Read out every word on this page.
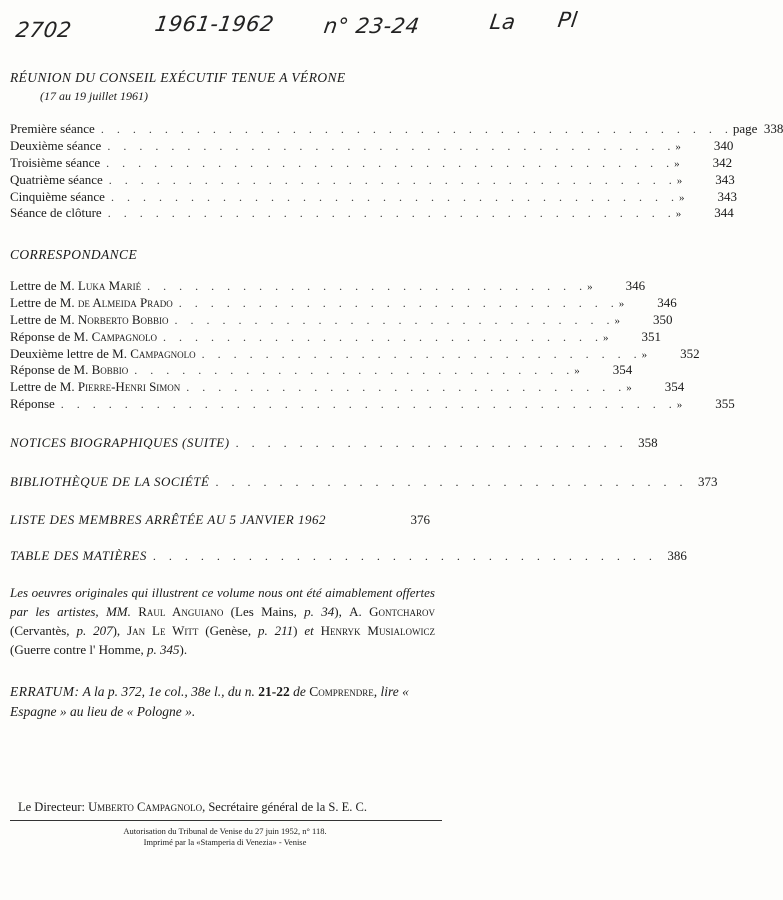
2702	1961-1962 n° 23-24	La Pl
RÉUNION DU CONSEIL EXÉCUTIF TENUE A VÉRONE
(17 au 19 juillet 1961)
Première séance . . . . . . . . . . . . . . . . . . . . . . . . . . . . . . . . . . . . . . . . page 338
Deuxième séance . . . . . . . . . . . . . . . . . . . . . . . . . . . . . . . . . . . . »	340
Troisième séance . . . . . . . . . . . . . . . . . . . . . . . . . . . . . . . . . . . . »	342
Quatrième séance . . . . . . . . . . . . . . . . . . . . . . . . . . . . . . . . . . . . »	343
Cinquième séance . . . . . . . . . . . . . . . . . . . . . . . . . . . . . . . . . . . . »	343
Séance de clôture . . . . . . . . . . . . . . . . . . . . . . . . . . . . . . . . . . . . »	344
CORRESPONDANCE
Lettre de M. Luka Marié . . . . . . . . . . . . . . . . . . . . . . . . . . . . »	346
Lettre de M. de Almeida Prado . . . . . . . . . . . . . . . . . . . . . . . . . . . . »	346
Lettre de M. Norberto Bobbio . . . . . . . . . . . . . . . . . . . . . . . . . . . . »	350
Réponse de M. Campagnolo . . . . . . . . . . . . . . . . . . . . . . . . . . . . »	351
Deuxième lettre de M. Campagnolo . . . . . . . . . . . . . . . . . . . . . . . . . . . . »	352
Réponse de M. Bobbio . . . . . . . . . . . . . . . . . . . . . . . . . . . . »	354
Lettre de M. Pierre-Henri Simon . . . . . . . . . . . . . . . . . . . . . . . . . . . . »	354
Réponse . . . . . . . . . . . . . . . . . . . . . . . . . . . . . . . . . . . . . . . »	355
NOTICES BIOGRAPHIQUES (SUITE) . . . . . . . . . . . . . . . . . . . . . . . . . 358
BIBLIOTHÈQUE DE LA SOCIÉTÉ . . . . . . . . . . . . . . . . . . . . . . . . . . . . . . 373
LISTE DES MEMBRES ARRÊTÉE AU 5 JANVIER 1962	376
TABLE DES MATIÈRES . . . . . . . . . . . . . . . . . . . . . . . . . . . . . . . . 386
Les oeuvres originales qui illustrent ce volume nous ont été aimablement offertes par les artistes, MM. Raul Anguiano (Les Mains, p. 34), A. Gontcharov (Cervantès, p. 207), Jan Le Witt (Genèse, p. 211) et Henryk Musialowicz (Guerre contre l' Homme, p. 345).
ERRATUM: A la p. 372, 1e col., 38e l., du n. 21-22 de Comprendre, lire « Espagne » au lieu de « Pologne ».
Le Directeur: Umberto Campagnolo, Secrétaire général de la S. E. C.
Autorisation du Tribunal de Venise du 27 juin 1952, n° 118.
Imprimé par la «Stamperia di Venezia» - Venise
